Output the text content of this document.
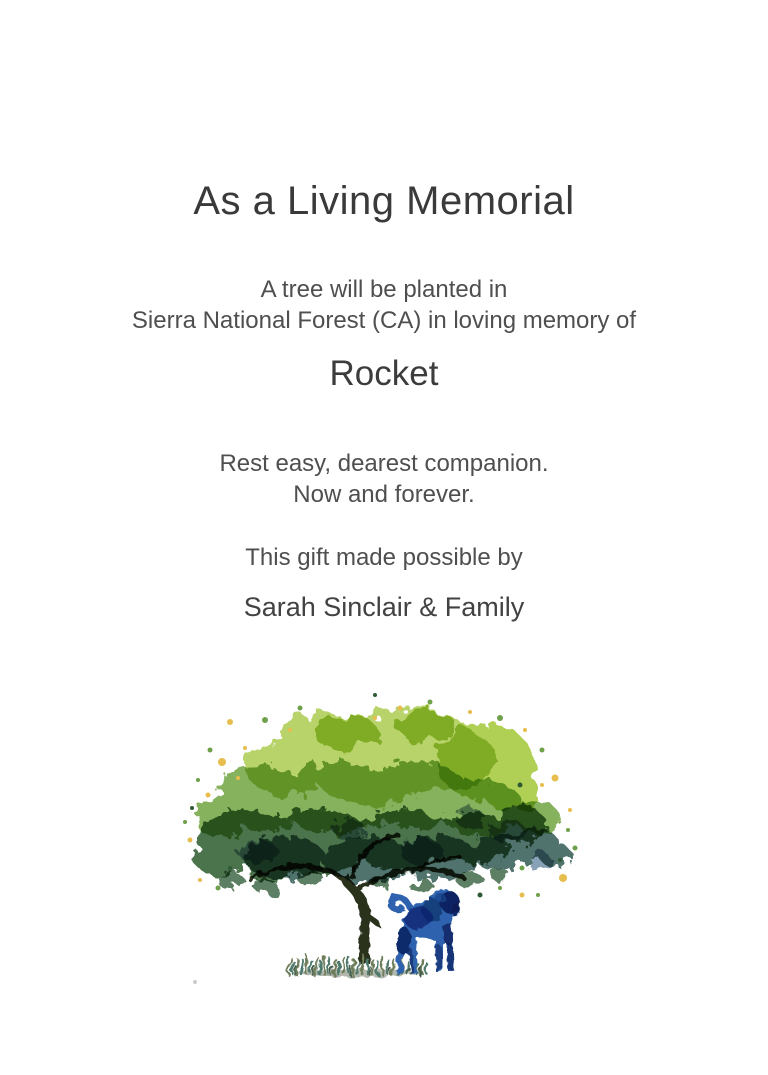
As a Living Memorial

A tree will be planted in
Sierra National Forest (CA) in loving memory of

Rocket

Rest easy, dearest companion.
Now and forever.

This gift made possible by
Sarah Sinclair & Family
